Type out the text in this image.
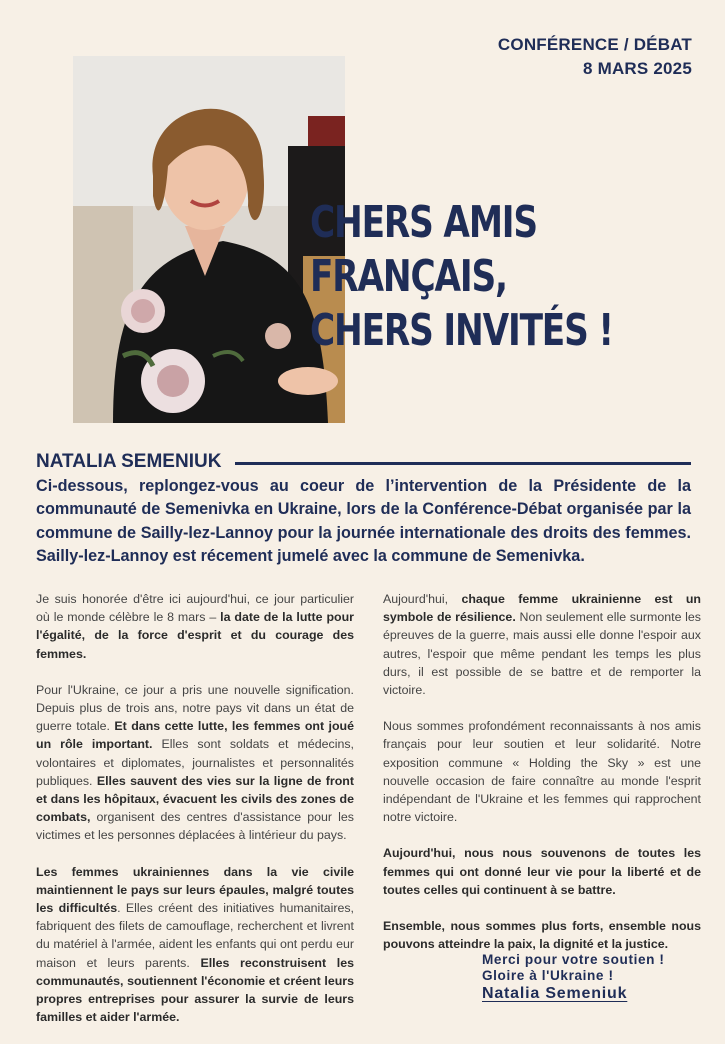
CONFÉRENCE / DÉBAT
8 MARS 2025
CHERS AMIS
FRANÇAIS,
CHERS INVITÉS !
NATALIA SEMENIUK
Ci-dessous, replongez-vous au coeur de l’intervention de la Présidente de la communauté de Semenivka en Ukraine, lors de la Conférence-Débat organisée par la commune de Sailly-lez-Lannoy pour la journée internationale des droits des femmes. Sailly-lez-Lannoy est récement jumelé avec la commune de Semenivka.

Je suis honorée d'être ici aujourd'hui, ce jour particulier où le monde célèbre le 8 mars – la date de la lutte pour l'égalité, de la force d'esprit et du courage des femmes.

Pour l'Ukraine, ce jour a pris une nouvelle signification. Depuis plus de trois ans, notre pays vit dans un état de guerre totale. Et dans cette lutte, les femmes ont joué un rôle important. Elles sont soldats et médecins, volontaires et diplomates, journalistes et personnalités publiques. Elles sauvent des vies sur la ligne de front et dans les hôpitaux, évacuent les civils des zones de combats, organisent des centres d'assistance pour les victimes et les personnes déplacées à lintérieur du pays.

Les femmes ukrainiennes dans la vie civile maintiennent le pays sur leurs épaules, malgré toutes les difficultés. Elles créent des initiatives humanitaires, fabriquent des filets de camouflage, recherchent et livrent du matériel à l'armée, aident les enfants qui ont perdu eur maison et leurs parents. Elles reconstruisent les communautés, soutiennent l'économie et créent leurs propres entreprises pour assurer la survie de leurs familles et aider l'armée.

Aujourd'hui, chaque femme ukrainienne est un symbole de résilience. Non seulement elle surmonte les épreuves de la guerre, mais aussi elle donne l'espoir aux autres, l'espoir que même pendant les temps les plus durs, il est possible de se battre et de remporter la victoire.

Nous sommes profondément reconnaissants à nos amis français pour leur soutien et leur solidarité. Notre exposition commune « Holding the Sky » est une nouvelle occasion de faire connaître au monde l'esprit indépendant de l'Ukraine et les femmes qui rapprochent notre victoire.

Aujourd'hui, nous nous souvenons de toutes les femmes qui ont donné leur vie pour la liberté et de toutes celles qui continuent à se battre.

Ensemble, nous sommes plus forts, ensemble nous pouvons atteindre la paix, la dignité et la justice.

Merci pour votre soutien !
Gloire à l'Ukraine !
Natalia Semeniuk
